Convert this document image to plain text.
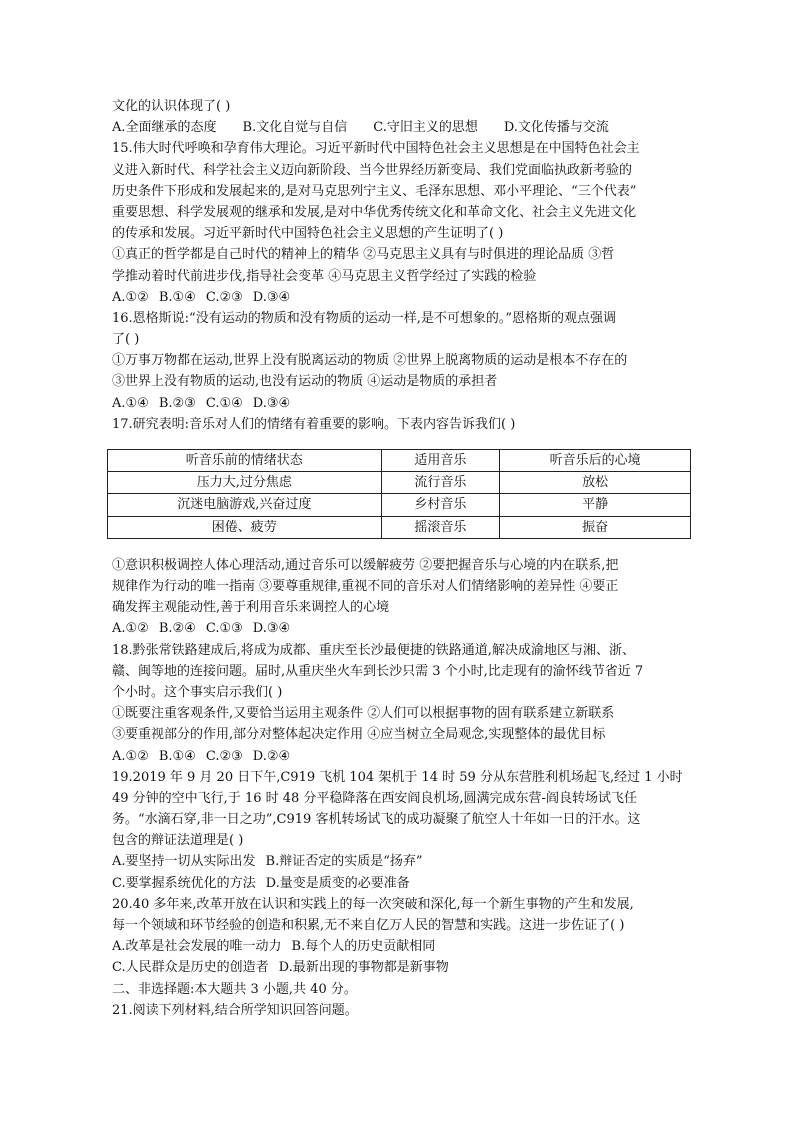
文化的认识体现了( )
A.全面继承的态度 B.文化自觉与自信 C.守旧主义的思想 D.文化传播与交流
15.伟大时代呼唤和孕育伟大理论。习近平新时代中国特色社会主义思想是在中国特色社会主
义进入新时代、科学社会主义迈向新阶段、当今世界经历新变局、我们党面临执政新考验的
历史条件下形成和发展起来的,是对马克思列宁主义、毛泽东思想、邓小平理论、“三个代表”
重要思想、科学发展观的继承和发展,是对中华优秀传统文化和革命文化、社会主义先进文化
的传承和发展。习近平新时代中国特色社会主义思想的产生证明了( )
①真正的哲学都是自己时代的精神上的精华 ②马克思主义具有与时俱进的理论品质 ③哲
学推动着时代前进步伐,指导社会变革 ④马克思主义哲学经过了实践的检验
A.①② B.①④ C.②③ D.③④
16.恩格斯说:“没有运动的物质和没有物质的运动一样,是不可想象的。”恩格斯的观点强调
了( )
①万事万物都在运动,世界上没有脱离运动的物质 ②世界上脱离物质的运动是根本不存在的
③世界上没有物质的运动,也没有运动的物质 ④运动是物质的承担者
A.①④ B.②③ C.①④ D.③④
17.研究表明:音乐对人们的情绪有着重要的影响。下表内容告诉我们( )
听音乐前的情绪状态	适用音乐	听音乐后的心境
压力大,过分焦虑	流行音乐	放松
沉迷电脑游戏,兴奋过度	乡村音乐	平静
困倦、疲劳	摇滚音乐	振奋
①意识积极调控人体心理活动,通过音乐可以缓解疲劳 ②要把握音乐与心境的内在联系,把
规律作为行动的唯一指南 ③要尊重规律,重视不同的音乐对人们情绪影响的差异性 ④要正
确发挥主观能动性,善于利用音乐来调控人的心境
A.①② B.②④ C.①③ D.③④
18.黔张常铁路建成后,将成为成都、重庆至长沙最便捷的铁路通道,解决成渝地区与湘、浙、
赣、闽等地的连接问题。届时,从重庆坐火车到长沙只需 3 个小时,比走现有的渝怀线节省近 7
个小时。这个事实启示我们( )
①既要注重客观条件,又要恰当运用主观条件 ②人们可以根据事物的固有联系建立新联系
③要重视部分的作用,部分对整体起决定作用 ④应当树立全局观念,实现整体的最优目标
A.①② B.①④ C.②③ D.②④
19.2019 年 9 月 20 日下午,C919 飞机 104 架机于 14 时 59 分从东营胜利机场起飞,经过 1 小时
49 分钟的空中飞行,于 16 时 48 分平稳降落在西安阎良机场,圆满完成东营-阎良转场试飞任
务。“水滴石穿,非一日之功”,C919 客机转场试飞的成功凝聚了航空人十年如一日的汗水。这
包含的辩证法道理是( )
A.要坚持一切从实际出发 B.辩证否定的实质是“扬弃”
C.要掌握系统优化的方法 D.量变是质变的必要准备
20.40 多年来,改革开放在认识和实践上的每一次突破和深化,每一个新生事物的产生和发展,
每一个领域和环节经验的创造和积累,无不来自亿万人民的智慧和实践。这进一步佐证了( )
A.改革是社会发展的唯一动力 B.每个人的历史贡献相同
C.人民群众是历史的创造者 D.最新出现的事物都是新事物
二、非选择题:本大题共 3 小题,共 40 分。
21.阅读下列材料,结合所学知识回答问题。
